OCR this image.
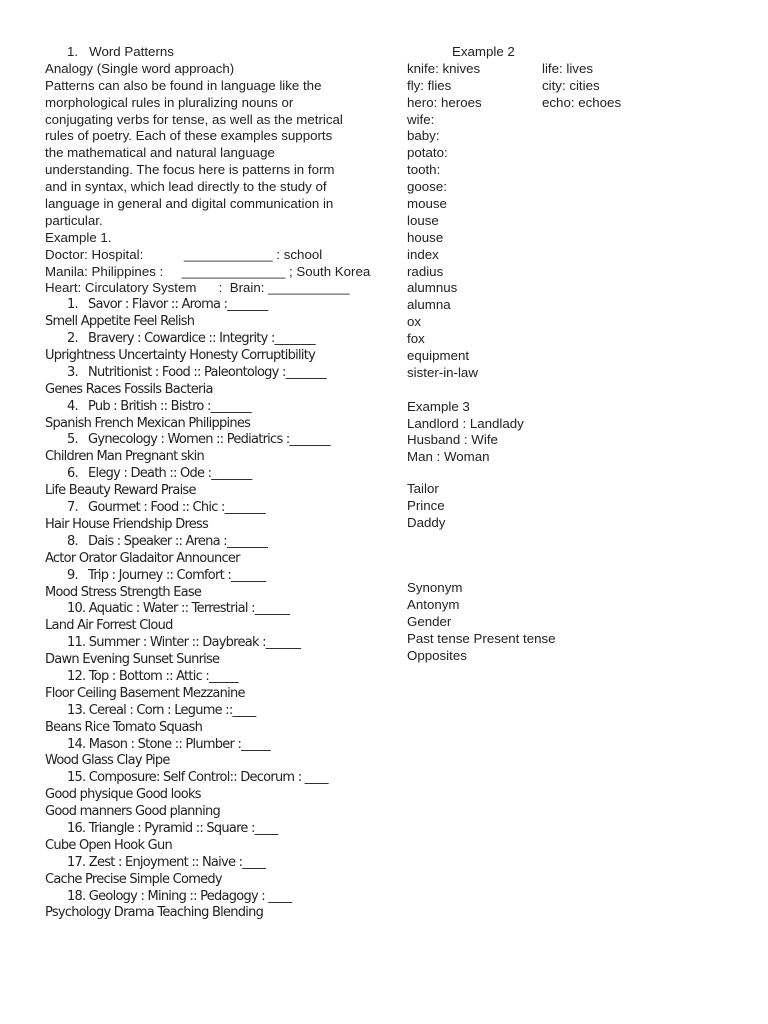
1.   Word Patterns
Analogy (Single word approach)
Patterns can also be found in language like the
morphological rules in pluralizing nouns or
conjugating verbs for tense, as well as the metrical
rules of poetry. Each of these examples supports
the mathematical and natural language
understanding. The focus here is patterns in form
and in syntax, which lead directly to the study of
language in general and digital communication in
particular.
Example 1.
Doctor: Hospital:           ____________ : school
Manila: Philippines :     ______________ ; South Korea
Heart: Circulatory System      :  Brain: ___________
1.   Savor : Flavor :: Aroma :_______
Smell Appetite Feel Relish
2.   Bravery : Cowardice :: Integrity :_______
Uprightness Uncertainty Honesty Corruptibility
3.   Nutritionist : Food :: Paleontology :_______
Genes Races Fossils Bacteria
4.   Pub : British :: Bistro :_______
Spanish French Mexican Philippines
5.   Gynecology : Women :: Pediatrics :_______
Children Man Pregnant skin
6.   Elegy : Death :: Ode :_______
Life Beauty Reward Praise
7.   Gourmet : Food :: Chic :_______
Hair House Friendship Dress
8.   Dais : Speaker :: Arena :_______
Actor Orator Gladaitor Announcer
9.   Trip : Journey :: Comfort :______
Mood Stress Strength Ease
10. Aquatic : Water :: Terrestrial :______
Land Air Forrest Cloud
11. Summer : Winter :: Daybreak :______
Dawn Evening Sunset Sunrise
12. Top : Bottom :: Attic :_____
Floor Ceiling Basement Mezzanine
13. Cereal : Corn : Legume ::____
Beans Rice Tomato Squash
14. Mason : Stone :: Plumber :_____
Wood Glass Clay Pipe
15. Composure: Self Control:: Decorum : ____
Good physique Good looks
Good manners Good planning
16. Triangle : Pyramid :: Square :____
Cube Open Hook Gun
17. Zest : Enjoyment :: Naive :____
Cache Precise Simple Comedy
18. Geology : Mining :: Pedagogy : ____
Psychology Drama Teaching Blending
Example 2
knife: knives	life: lives
fly: flies	city: cities
hero: heroes	echo: echoes
wife:
baby:
potato:
tooth:
goose:
mouse
louse
house
index
radius
alumnus
alumna
ox
fox
equipment
sister-in-law
Example 3
Landlord : Landlady
Husband : Wife
Man : Woman
Tailor
Prince
Daddy
Synonym
Antonym
Gender
Past tense Present tense
Opposites
